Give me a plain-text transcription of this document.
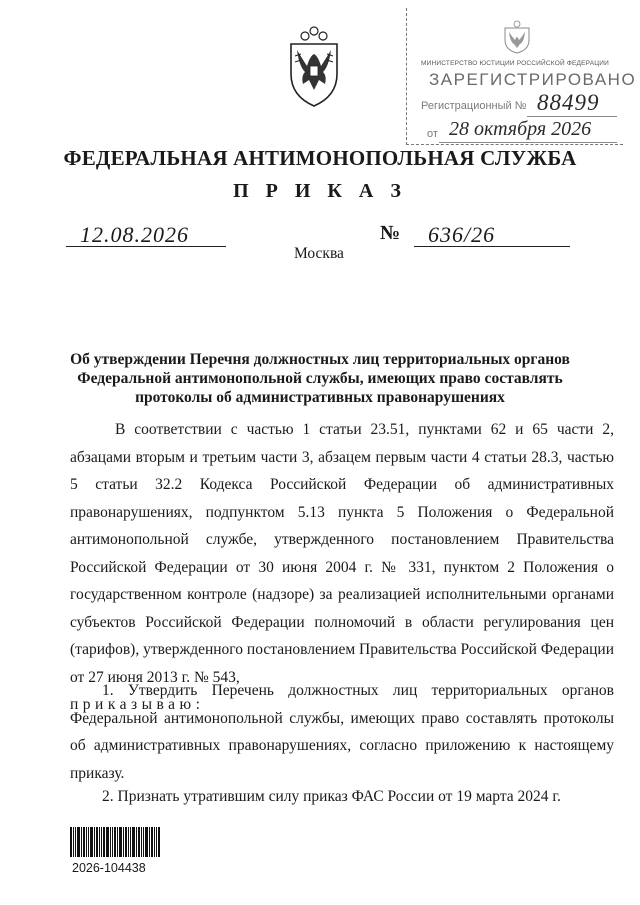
МИНИСТЕРСТВО ЮСТИЦИИ РОССИЙСКОЙ ФЕДЕРАЦИИ
ЗАРЕГИСТРИРОВАНО
Регистрационный № 88499
от 28 октября 2026
ФЕДЕРАЛЬНАЯ АНТИМОНОПОЛЬНАЯ СЛУЖБА
П Р И К А З
12.08.2026
Москва
№ 636/26
Об утверждении Перечня должностных лиц территориальных органов Федеральной антимонопольной службы, имеющих право составлять протоколы об административных правонарушениях
В соответствии с частью 1 статьи 23.51, пунктами 62 и 65 части 2, абзацами вторым и третьим части 3, абзацем первым части 4 статьи 28.3, частью 5 статьи 32.2 Кодекса Российской Федерации об административных правонарушениях, подпунктом 5.13 пункта 5 Положения о Федеральной антимонопольной службе, утвержденного постановлением Правительства Российской Федерации от 30 июня 2004 г. № 331, пунктом 2 Положения о государственном контроле (надзоре) за реализацией исполнительными органами субъектов Российской Федерации полномочий в области регулирования цен (тарифов), утвержденного постановлением Правительства Российской Федерации от 27 июня 2013 г. № 543,
приказываю:
1. Утвердить Перечень должностных лиц территориальных органов Федеральной антимонопольной службы, имеющих право составлять протоколы об административных правонарушениях, согласно приложению к настоящему приказу.
2. Признать утратившим силу приказ ФАС России от 19 марта 2024 г.
2026-104438
